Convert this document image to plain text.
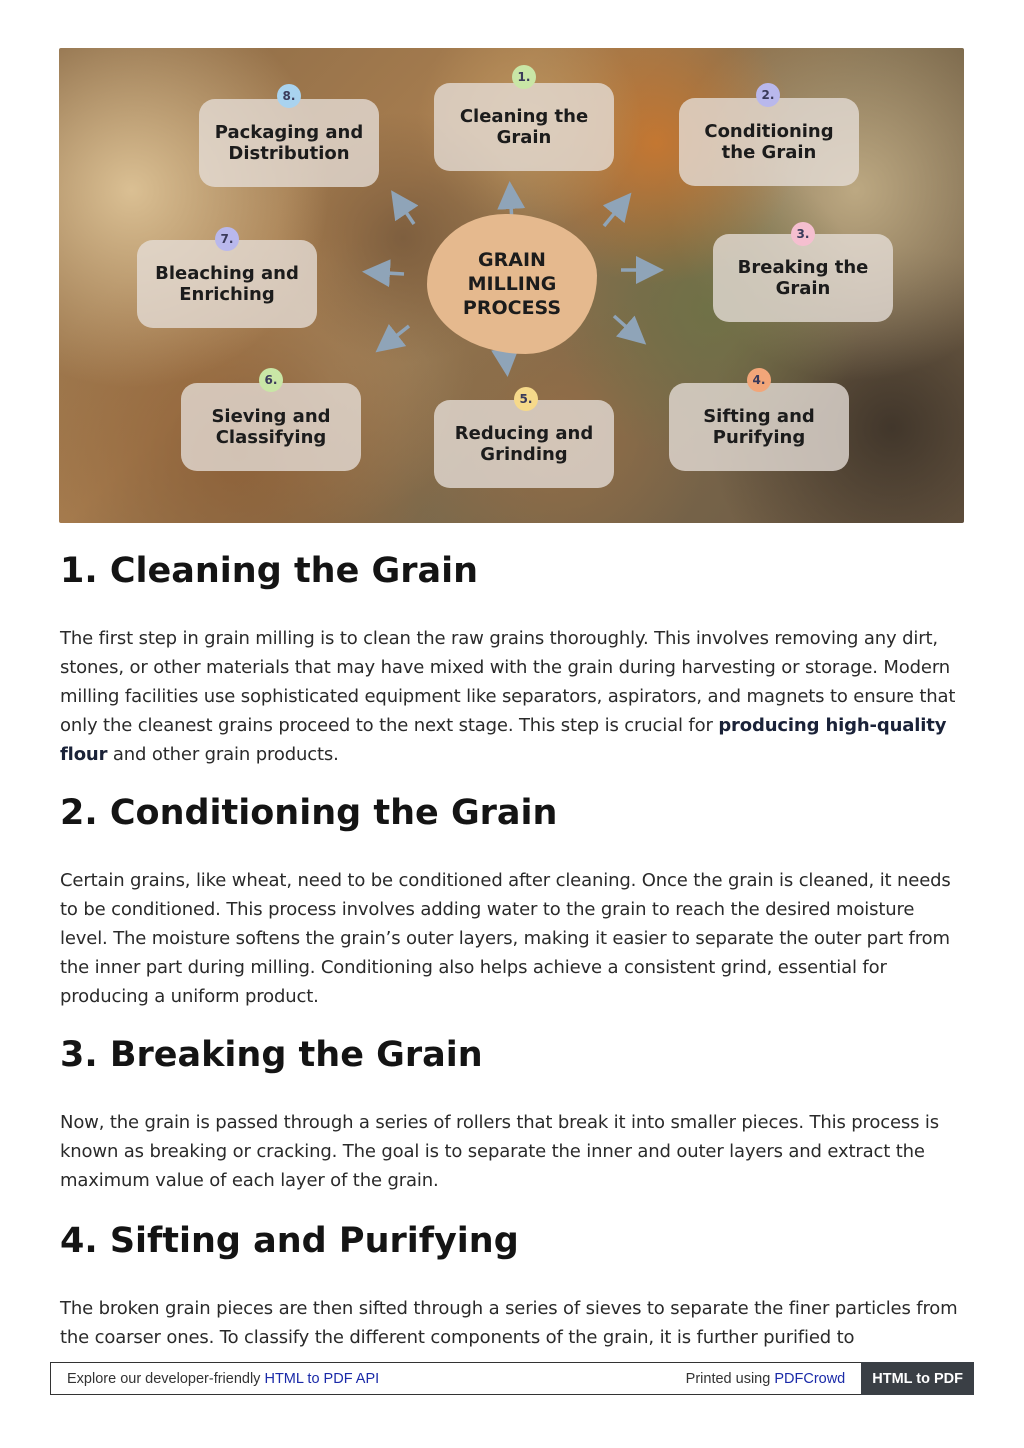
GRAIN MILLING PROCESS
Cleaning the Grain
1.
Conditioning the Grain
2.
Breaking the Grain
3.
Sifting and Purifying
4.
Reducing and Grinding
5.
Sieving and Classifying
6.
Bleaching and Enriching
7.
Packaging and Distribution
8.
1. Cleaning the Grain

The first step in grain milling is to clean the raw grains thoroughly. This involves removing any dirt, stones, or other materials that may have mixed with the grain during harvesting or storage. Modern milling facilities use sophisticated equipment like separators, aspirators, and magnets to ensure that only the cleanest grains proceed to the next stage. This step is crucial for producing high-quality flour and other grain products.

2. Conditioning the Grain

Certain grains, like wheat, need to be conditioned after cleaning. Once the grain is cleaned, it needs to be conditioned. This process involves adding water to the grain to reach the desired moisture level. The moisture softens the grain’s outer layers, making it easier to separate the outer part from the inner part during milling. Conditioning also helps achieve a consistent grind, essential for producing a uniform product.

3. Breaking the Grain

Now, the grain is passed through a series of rollers that break it into smaller pieces. This process is known as breaking or cracking. The goal is to separate the inner and outer layers and extract the maximum value of each layer of the grain.

4. Sifting and Purifying

The broken grain pieces are then sifted through a series of sieves to separate the finer particles from the coarser ones. To classify the different components of the grain, it is further purified to

Explore our developer-friendly HTML to PDF API	Printed using PDFCrowd	HTML to PDF
